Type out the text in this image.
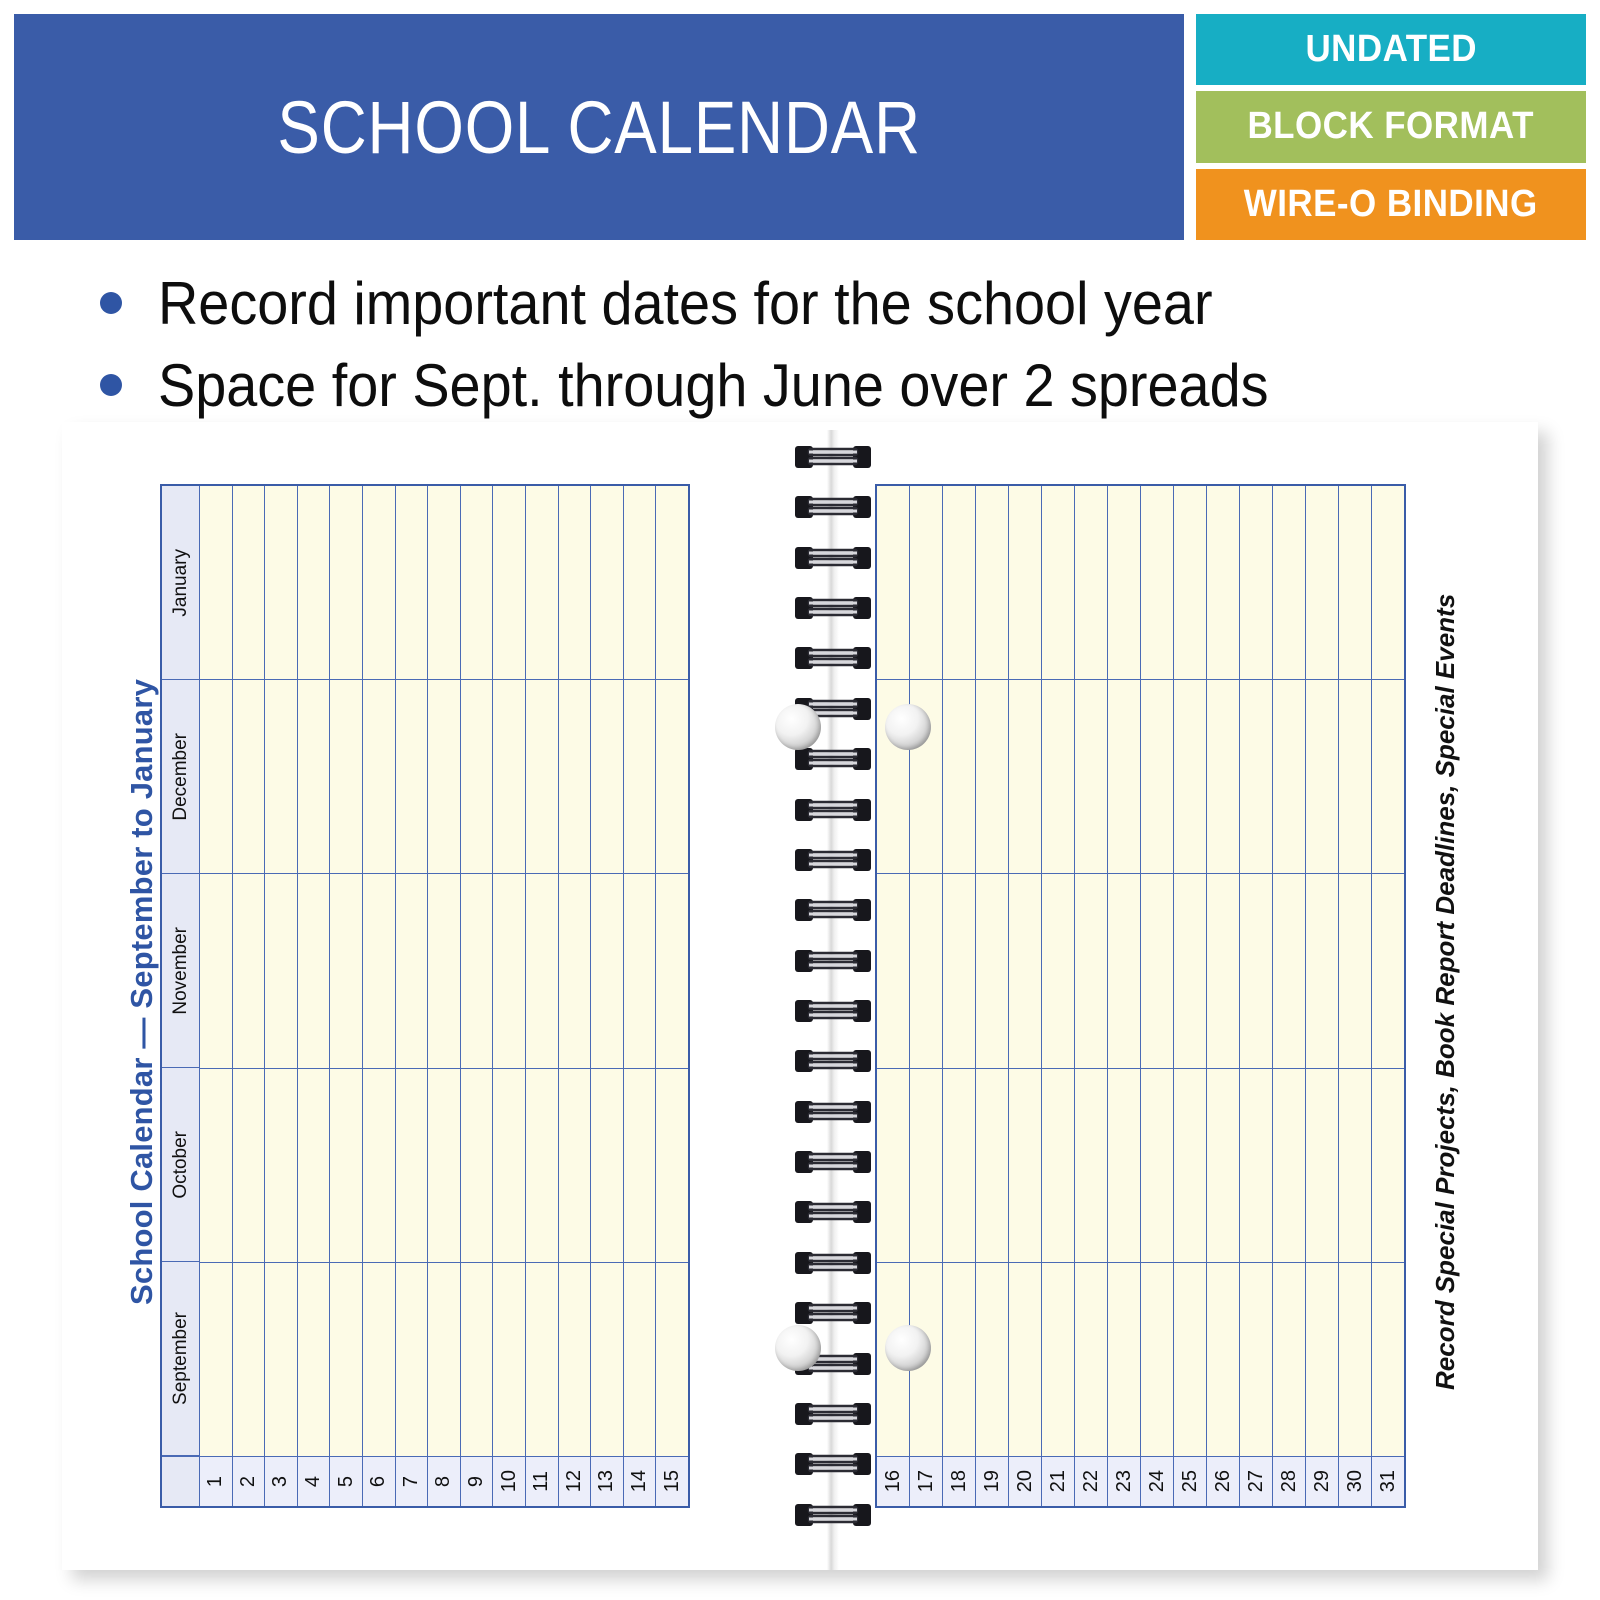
SCHOOL CALENDAR
UNDATED
BLOCK FORMAT
WIRE-O BINDING
Record important dates for the school year
Space for Sept. through June over 2 spreads
School Calendar — September to January	Record Special Projects, Book Report Deadlines, Special Events
January
December
November
October
September
1 2 3 4 5 6 7 8 9 10 11 12 13 14 15	16 17 18 19 20 21 22 23 24 25 26 27 28 29 30 31
